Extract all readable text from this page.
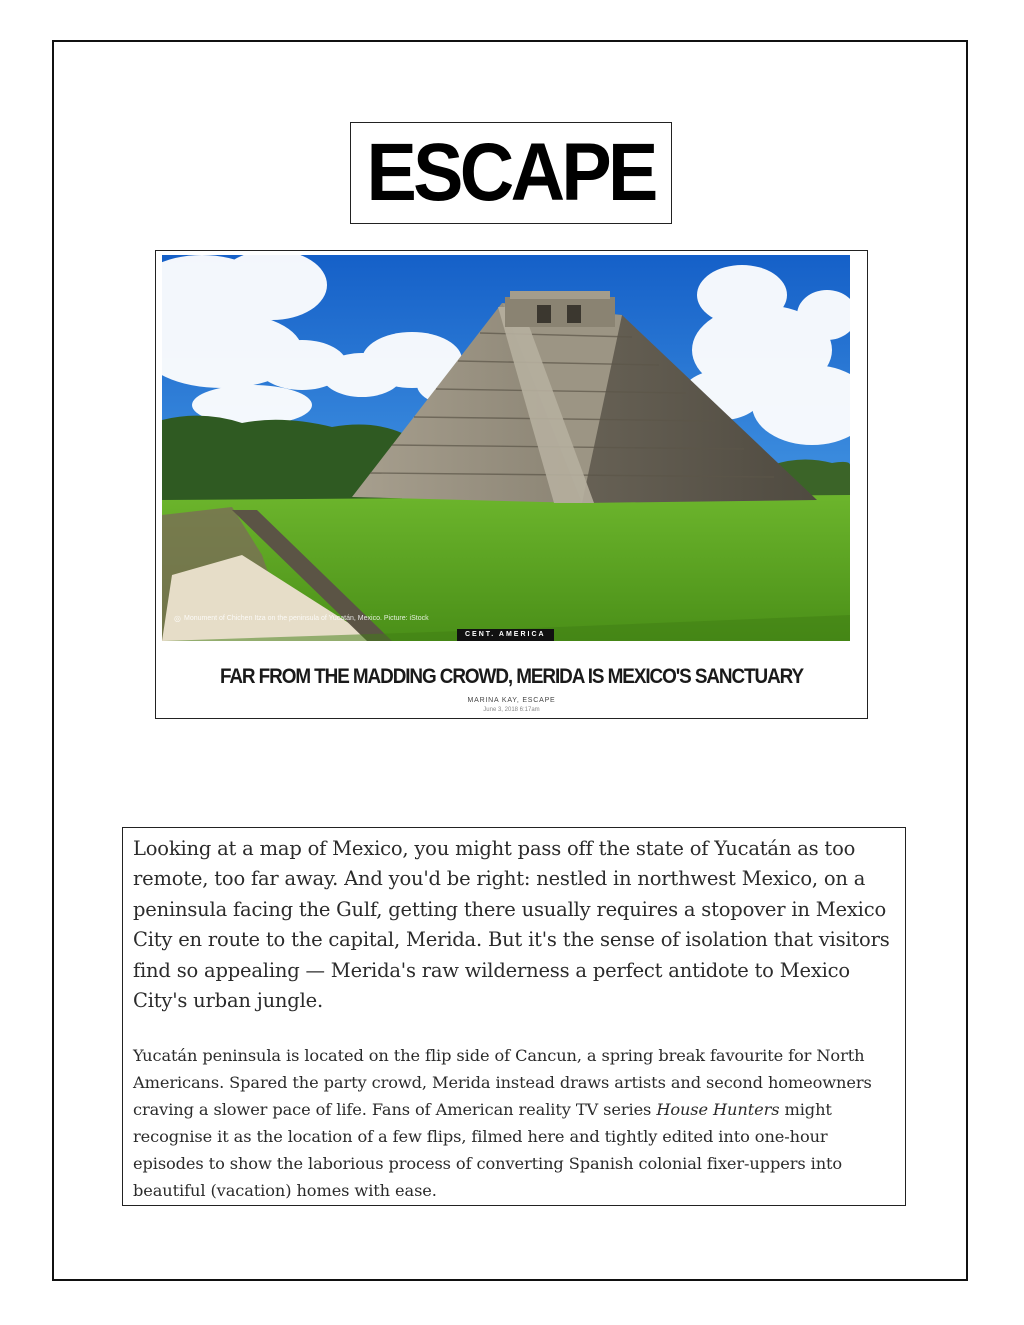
ESCAPE
◎ Monument of Chichen Itza on the peninsula of Yucatán, Mexico. Picture: iStock
CENT. AMERICA
FAR FROM THE MADDING CROWD, MERIDA IS MEXICO'S SANCTUARY
MARINA KAY, ESCAPE
June 3, 2018 6:17am

Looking at a map of Mexico, you might pass off the state of Yucatán as too remote, too far away. And you'd be right: nestled in northwest Mexico, on a peninsula facing the Gulf, getting there usually requires a stopover in Mexico City en route to the capital, Merida. But it's the sense of isolation that visitors find so appealing — Merida's raw wilderness a perfect antidote to Mexico City's urban jungle.

Yucatán peninsula is located on the flip side of Cancun, a spring break favourite for North Americans. Spared the party crowd, Merida instead draws artists and second homeowners craving a slower pace of life. Fans of American reality TV series House Hunters might recognise it as the location of a few flips, filmed here and tightly edited into one-hour episodes to show the laborious process of converting Spanish colonial fixer-uppers into beautiful (vacation) homes with ease.
